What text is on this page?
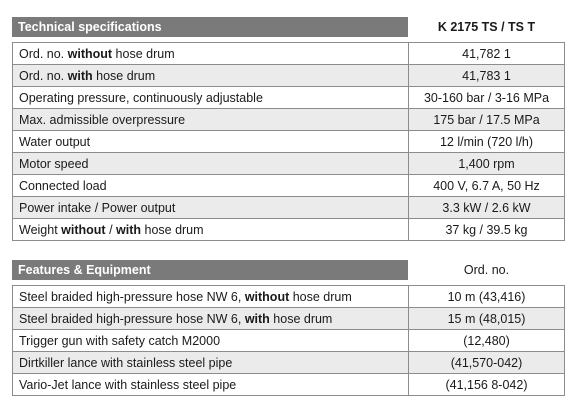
Technical specifications	K 2175 TS / TS T
Ord. no. without hose drum	41,782 1
Ord. no. with hose drum	41,783 1
Operating pressure, continuously adjustable	30-160 bar / 3-16 MPa
Max. admissible overpressure	175 bar / 17.5 MPa
Water output	12 l/min (720 l/h)
Motor speed	1,400 rpm
Connected load	400 V, 6.7 A, 50 Hz
Power intake / Power output	3.3 kW / 2.6 kW
Weight without / with hose drum	37 kg / 39.5 kg
Features & Equipment	Ord. no.
Steel braided high-pressure hose NW 6, without hose drum	10 m (43,416)
Steel braided high-pressure hose NW 6, with hose drum	15 m (48,015)
Trigger gun with safety catch M2000	(12,480)
Dirtkiller lance with stainless steel pipe	(41,570-042)
Vario-Jet lance with stainless steel pipe	(41,156 8-042)
